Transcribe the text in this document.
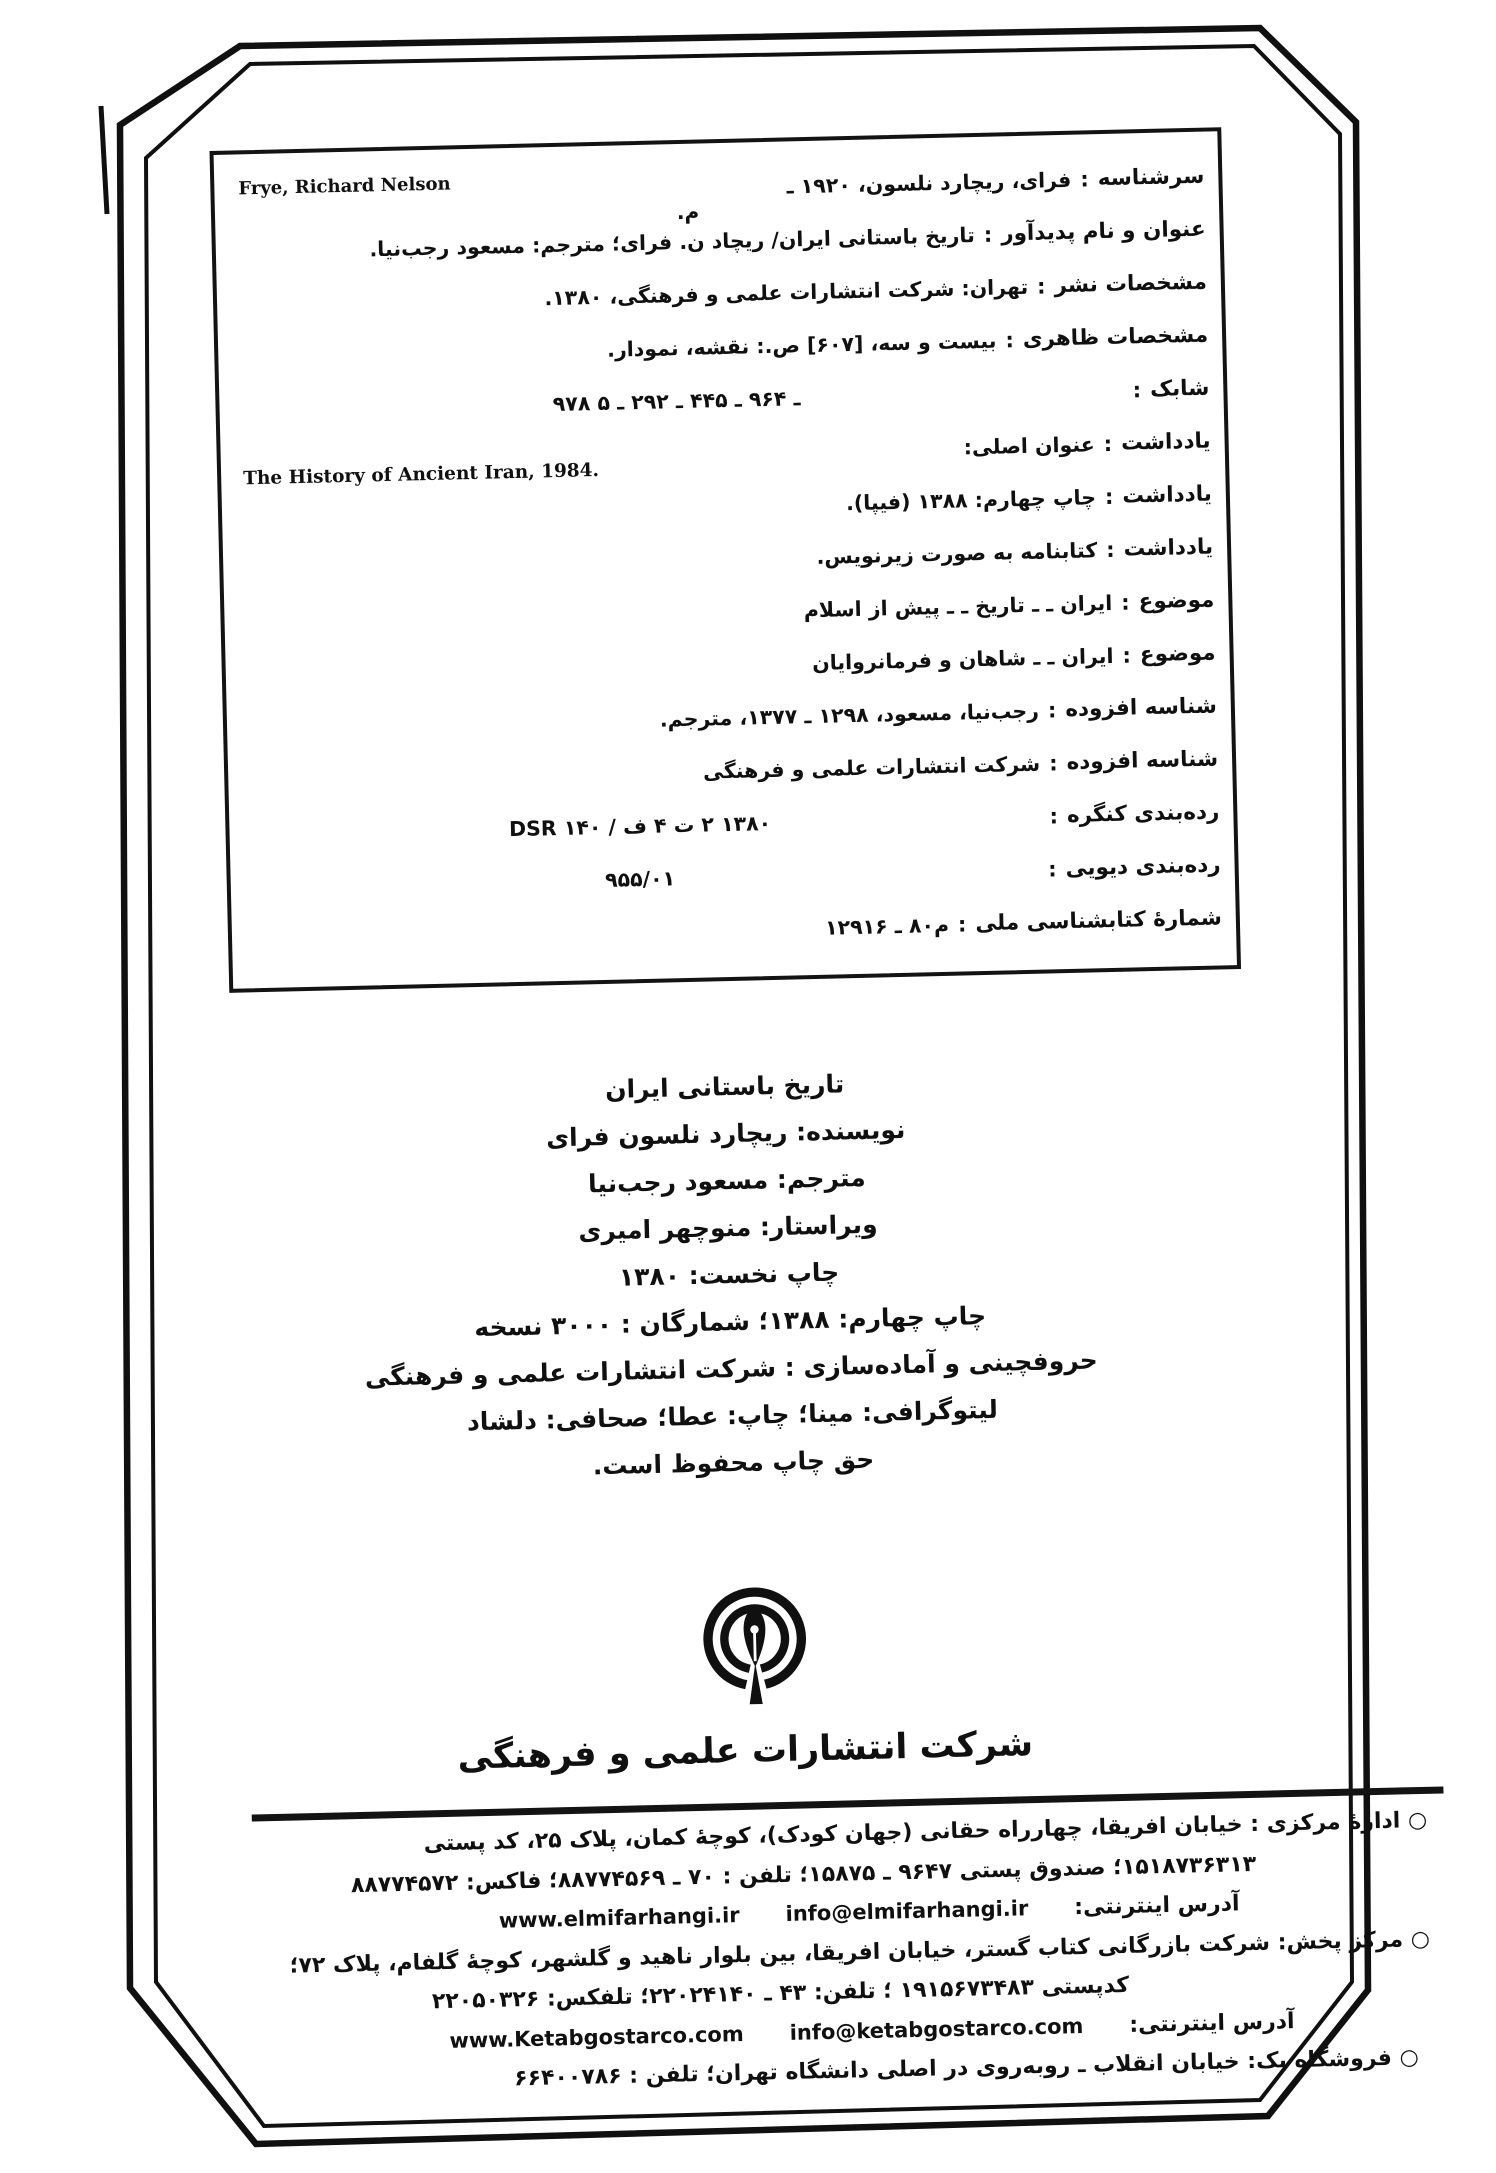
Frye, Richard Nelson
The History of Ancient Iran, 1984.
م.
سرشناسه
:
فرای، ریچارد نلسون، ۱۹۲۰ ـ
عنوان و نام پدیدآور
:
تاریخ باستانی ایران/ ریچاد ن. فرای؛ مترجم: مسعود رجب‌نیا.
مشخصات نشر
:
تهران: شرکت انتشارات علمی و فرهنگی، ۱۳۸۰.
مشخصات ظاهری
:
بیست و سه، [۶۰۷] ص.: نقشه، نمودار.
شابک
:
۹۷۸ ـ ۹۶۴ ـ ۴۴۵ ـ ۲۹۲ ـ ۵
یادداشت
:
عنوان اصلی:
یادداشت
:
چاپ چهارم: ۱۳۸۸ (فیپا).
یادداشت
:
کتابنامه به صورت زیرنویس.
موضوع
:
ایران ـ ـ تاریخ ـ ـ پیش از اسلام
موضوع
:
ایران ـ ـ شاهان و فرمانروایان
شناسه افزوده
:
رجب‌نیا، مسعود، ۱۲۹۸ ـ ۱۳۷۷، مترجم.
شناسه افزوده
:
شرکت انتشارات علمی و فرهنگی
رده‌بندی کنگره
:
‭DSR ۱۴۰ / ف ۴ ت ۲ ۱۳۸۰‬
رده‌بندی دیویی
:
۹۵۵/۰۱
شمارۀ کتابشناسی ملی
:
م۸۰ ـ ۱۲۹۱۶
تاریخ باستانی ایران
نویسنده: ریچارد نلسون فرای
مترجم: مسعود رجب‌نیا
ویراستار: منوچهر امیری
چاپ نخست: ۱۳۸۰
چاپ چهارم: ۱۳۸۸؛ شمارگان : ۳۰۰۰ نسخه
حروفچینی و آماده‌سازی : شرکت انتشارات علمی و فرهنگی
لیتوگرافی: مینا؛ چاپ: عطا؛ صحافی: دلشاد
حق چاپ محفوظ است.
شرکت انتشارات علمی و فرهنگی
○ ادارۀ مرکزی : خیابان افریقا، چهارراه حقانی (جهان کودک)، کوچۀ کمان، پلاک ۲۵، کد پستی
۱۵۱۸۷۳۶۳۱۳؛ صندوق پستی ۹۶۴۷ ـ ۱۵۸۷۵؛ تلفن : ۷۰ ـ ۸۸۷۷۴۵۶۹؛ فاکس: ۸۸۷۷۴۵۷۲
آدرس اینترنتی:
info@elmifarhangi.ir
www.elmifarhangi.ir
○ مرکز پخش: شرکت بازرگانی کتاب گستر، خیابان افریقا، بین بلوار ناهید و گلشهر، کوچۀ گلفام، پلاک ۷۲؛
کدپستی ۱۹۱۵۶۷۳۴۸۳ ؛ تلفن: ۴۳ ـ ۲۲۰۲۴۱۴۰؛ تلفکس: ۲۲۰۵۰۳۲۶
آدرس اینترنتی:
info@ketabgostarco.com
www.Ketabgostarco.com
○ فروشگاه یک: خیابان انقلاب ـ روبه‌روی در اصلی دانشگاه تهران؛ تلفن : ۶۶۴۰۰۷۸۶
